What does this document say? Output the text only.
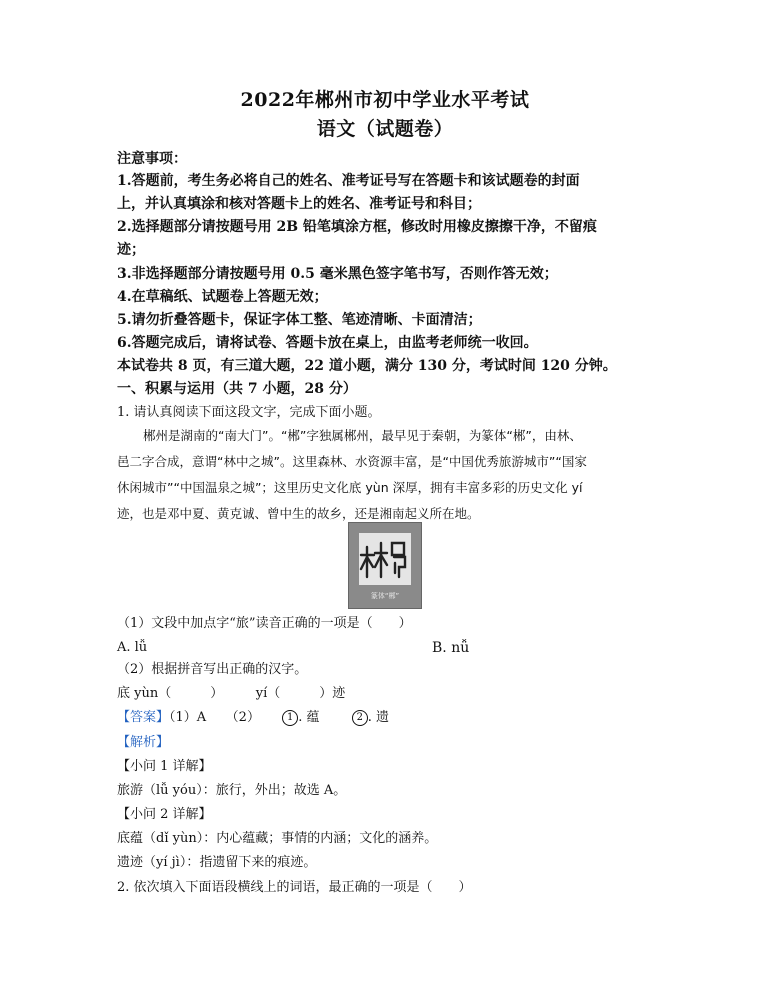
2022年郴州市初中学业水平考试
语文（试题卷）
注意事项：
1.答题前，考生务必将自己的姓名、准考证号写在答题卡和该试题卷的封面
上，并认真填涂和核对答题卡上的姓名、准考证号和科目；
2.选择题部分请按题号用 2B 铅笔填涂方框，修改时用橡皮擦擦干净，不留痕
迹；
3.非选择题部分请按题号用 0.5 毫米黑色签字笔书写，否则作答无效；
4.在草稿纸、试题卷上答题无效；
5.请勿折叠答题卡，保证字体工整、笔迹清晰、卡面清洁；
6.答题完成后，请将试卷、答题卡放在桌上，由监考老师统一收回。
本试卷共 8 页，有三道大题，22 道小题，满分 130 分，考试时间 120 分钟。
一、积累与运用（共 7 小题，28 分）
1. 请认真阅读下面这段文字，完成下面小题。

郴州是湖南的“南大门”。“郴”字独属郴州，最早见于秦朝，为篆体“郴”，由林、

邑二字合成，意谓“林中之城”。这里森林、水资源丰富，是“中国优秀旅游城市”“国家

休闲城市”“中国温泉之城”；这里历史文化底 yùn 深厚，拥有丰富多彩的历史文化 yí

迹，也是邓中夏、黄克诚、曾中生的故乡，还是湘南起义所在地。

篆体“郴”
（1）文段中加点字“旅”读音正确的一项是（　　）
A. lǚ	B. nǚ
（2）根据拼音写出正确的汉字。
底 yùn（　　　）　　　yí（　　　）迹
【答案】（1）A　　（2）	1 . 蕴	2 . 遗
【解析】
【小问 1 详解】
旅游（lǚ yóu）：旅行，外出；故选 A。
【小问 2 详解】
底蕴（dǐ yùn）：内心蕴藏；事情的内涵；文化的涵养。
遗迹（yí jì）：指遗留下来的痕迹。
2. 依次填入下面语段横线上的词语，最正确的一项是（　　）
